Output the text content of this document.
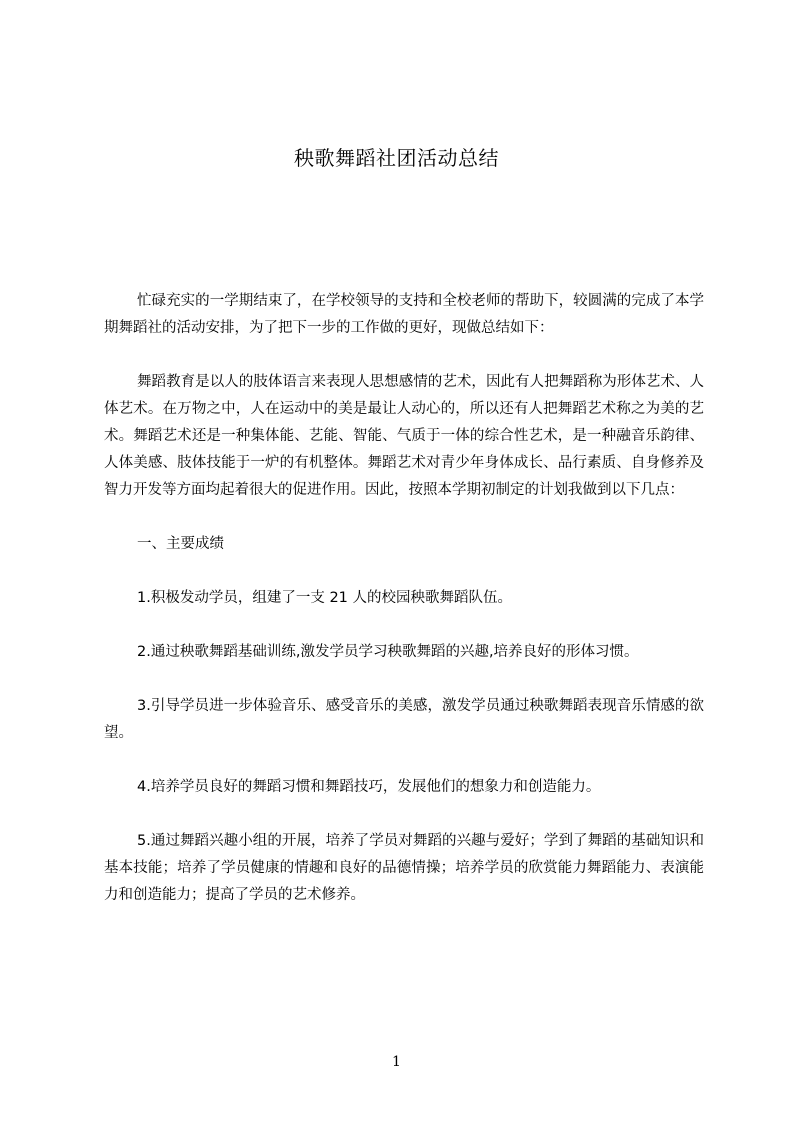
秧歌舞蹈社团活动总结

忙碌充实的一学期结束了，在学校领导的支持和全校老师的帮助下，较圆满的完成了本学期舞蹈社的活动安排，为了把下一步的工作做的更好，现做总结如下：

舞蹈教育是以人的肢体语言来表现人思想感情的艺术，因此有人把舞蹈称为形体艺术、人体艺术。在万物之中，人在运动中的美是最让人动心的，所以还有人把舞蹈艺术称之为美的艺术。舞蹈艺术还是一种集体能、艺能、智能、气质于一体的综合性艺术，是一种融音乐韵律、人体美感、肢体技能于一炉的有机整体。舞蹈艺术对青少年身体成长、品行素质、自身修养及智力开发等方面均起着很大的促进作用。因此，按照本学期初制定的计划我做到以下几点：

一、主要成绩

1.积极发动学员，组建了一支 21 人的校园秧歌舞蹈队伍。

2.通过秧歌舞蹈基础训练,激发学员学习秧歌舞蹈的兴趣,培养良好的形体习惯。

3.引导学员进一步体验音乐、感受音乐的美感，激发学员通过秧歌舞蹈表现音乐情感的欲望。

4.培养学员良好的舞蹈习惯和舞蹈技巧，发展他们的想象力和创造能力。

5.通过舞蹈兴趣小组的开展，培养了学员对舞蹈的兴趣与爱好；学到了舞蹈的基础知识和基本技能；培养了学员健康的情趣和良好的品德情操；培养学员的欣赏能力舞蹈能力、表演能力和创造能力；提高了学员的艺术修养。

1
